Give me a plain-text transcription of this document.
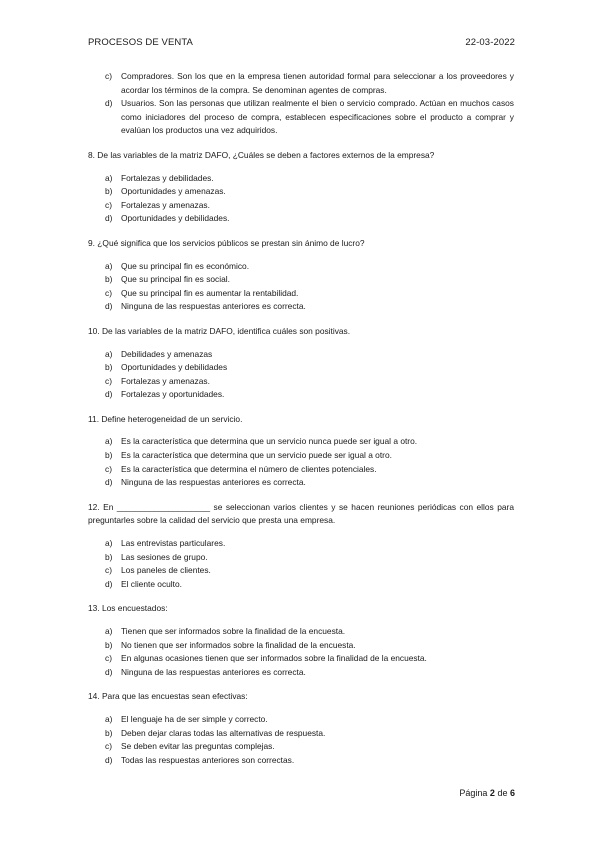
PROCESOS DE VENTA	22-03-2022
c) Compradores. Son los que en la empresa tienen autoridad formal para seleccionar a los proveedores y acordar los términos de la compra. Se denominan agentes de compras.
d) Usuarios. Son las personas que utilizan realmente el bien o servicio comprado. Actúan en muchos casos como iniciadores del proceso de compra, establecen especificaciones sobre el producto a comprar y evalúan los productos una vez adquiridos.
8. De las variables de la matriz DAFO, ¿Cuáles se deben a factores externos de la empresa?
a) Fortalezas y debilidades.
b) Oportunidades y amenazas.
c) Fortalezas y amenazas.
d) Oportunidades y debilidades.
9. ¿Qué significa que los servicios públicos se prestan sin ánimo de lucro?
a) Que su principal fin es económico.
b) Que su principal fin es social.
c) Que su principal fin es aumentar la rentabilidad.
d) Ninguna de las respuestas anteriores es correcta.
10. De las variables de la matriz DAFO, identifica cuáles son positivas.
a) Debilidades y amenazas
b) Oportunidades y debilidades
c) Fortalezas y amenazas.
d) Fortalezas y oportunidades.
11. Define heterogeneidad de un servicio.
a) Es la característica que determina que un servicio nunca puede ser igual a otro.
b) Es la característica que determina que un servicio puede ser igual a otro.
c) Es la característica que determina el número de clientes potenciales.
d) Ninguna de las respuestas anteriores es correcta.
12. En ____________________ se seleccionan varios clientes y se hacen reuniones periódicas con ellos para preguntarles sobre la calidad del servicio que presta una empresa.
a) Las entrevistas particulares.
b) Las sesiones de grupo.
c) Los paneles de clientes.
d) El cliente oculto.
13. Los encuestados:
a) Tienen que ser informados sobre la finalidad de la encuesta.
b) No tienen que ser informados sobre la finalidad de la encuesta.
c) En algunas ocasiones tienen que ser informados sobre la finalidad de la encuesta.
d) Ninguna de las respuestas anteriores es correcta.
14. Para que las encuestas sean efectivas:
a) El lenguaje ha de ser simple y correcto.
b) Deben dejar claras todas las alternativas de respuesta.
c) Se deben evitar las preguntas complejas.
d) Todas las respuestas anteriores son correctas.
Página 2 de 6
